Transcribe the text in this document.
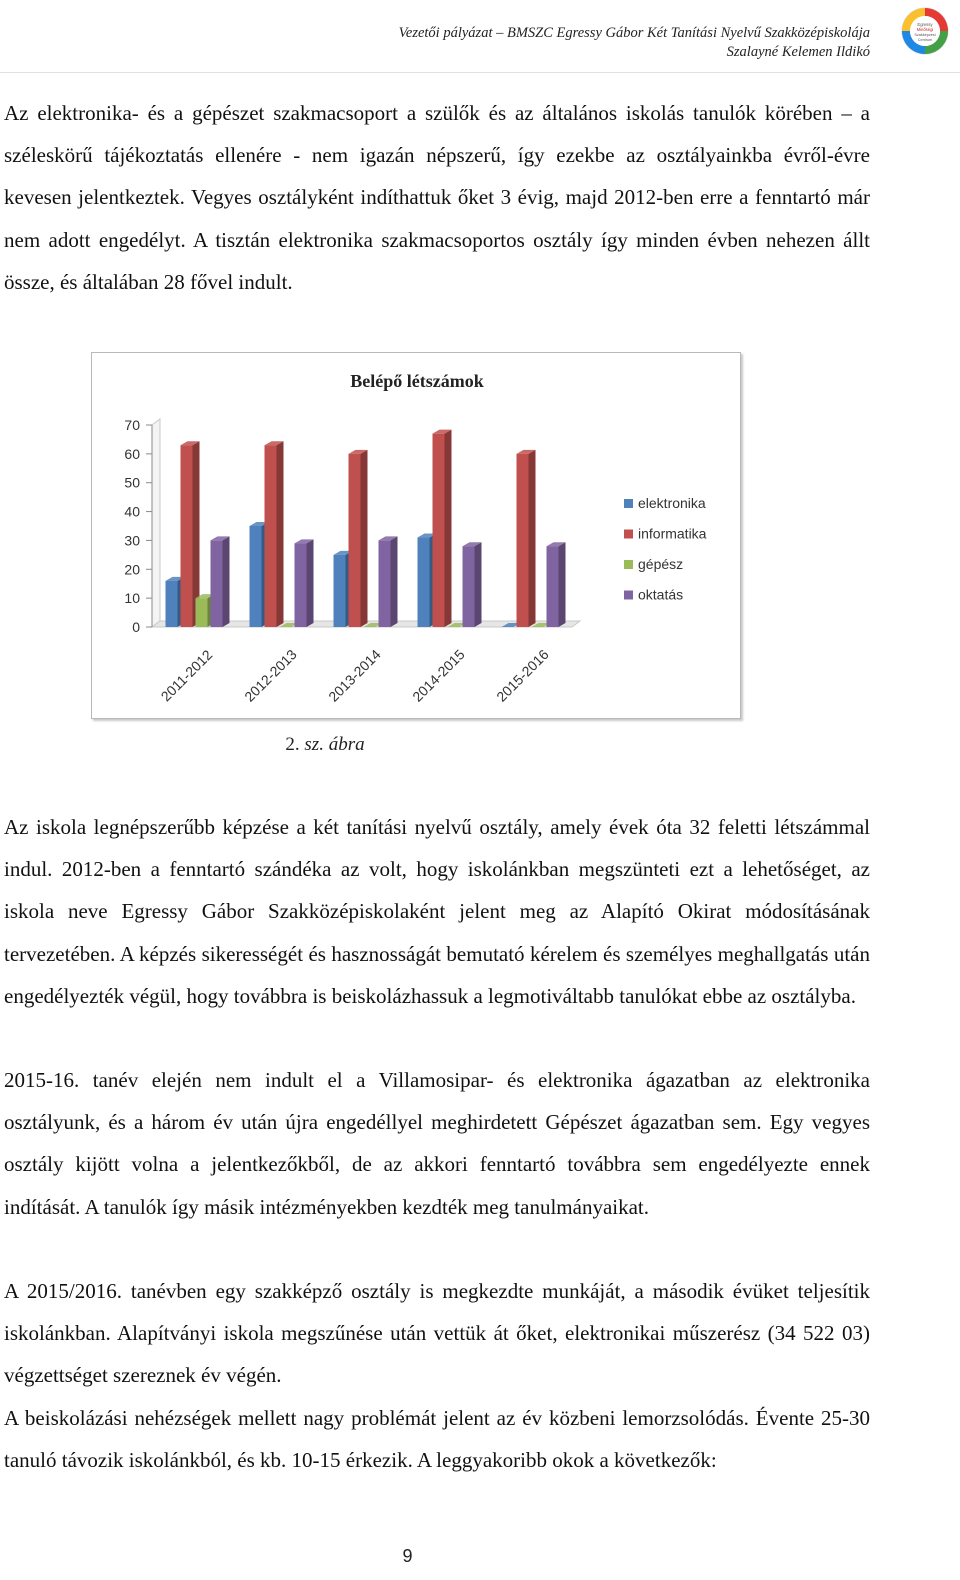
Vezetői pályázat – BMSZC Egressy Gábor Két Tanítási Nyelvű Szakközépiskolája
Szalayné Kelemen Ildikó
Egressy
Minőségi
Szakképzési
Centrum

Az elektronika- és a gépészet szakmacsoport a szülők és az általános iskolás tanulók körében – a széleskörű tájékoztatás ellenére - nem igazán népszerű, így ezekbe az osztályainkba évről-évre kevesen jelentkeztek. Vegyes osztályként indíthattuk őket 3 évig, majd 2012-ben erre a fenntartó már nem adott engedélyt. A tisztán elektronika szakmacsoportos osztály így minden évben nehezen állt össze, és általában 28 fővel indult.

Belépő létszámok
0
10
20
30
40
50
60
70
2011-2012 2012-2013 2013-2014 2014-2015 2015-2016
elektronika
informatika
gépész
oktatás
2. sz. ábra

Az iskola legnépszerűbb képzése a két tanítási nyelvű osztály, amely évek óta 32 feletti létszámmal indul. 2012-ben a fenntartó szándéka az volt, hogy iskolánkban megszünteti ezt a lehetőséget, az iskola neve Egressy Gábor Szakközépiskolaként jelent meg az Alapító Okirat módosításának tervezetében. A képzés sikerességét és hasznosságát bemutató kérelem és személyes meghallgatás után engedélyezték végül, hogy továbbra is beiskolázhassuk a legmotiváltabb tanulókat ebbe az osztályba.

2015-16. tanév elején nem indult el a Villamosipar- és elektronika ágazatban az elektronika osztályunk, és a három év után újra engedéllyel meghirdetett Gépészet ágazatban sem. Egy vegyes osztály kijött volna a jelentkezőkből, de az akkori fenntartó továbbra sem engedélyezte ennek indítását. A tanulók így másik intézményekben kezdték meg tanulmányaikat.

A 2015/2016. tanévben egy szakképző osztály is megkezdte munkáját, a második évüket teljesítik iskolánkban. Alapítványi iskola megszűnése után vettük át őket, elektronikai műszerész (34 522 03) végzettséget szereznek év végén.

A beiskolázási nehézségek mellett nagy problémát jelent az év közbeni lemorzsolódás. Évente 25-30 tanuló távozik iskolánkból, és kb. 10-15 érkezik. A leggyakoribb okok a következők:

9
